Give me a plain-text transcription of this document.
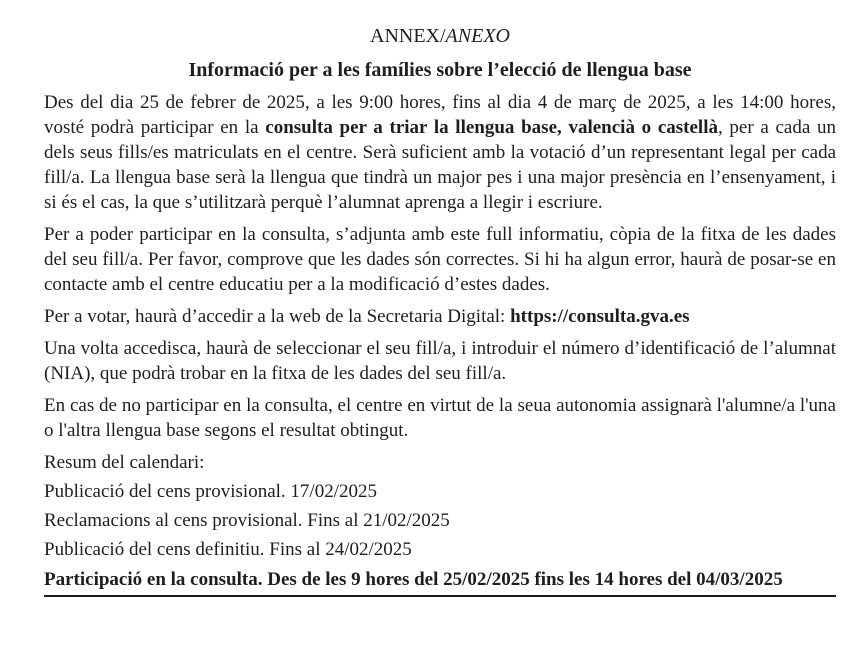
ANNEX/ANEXO
Informació per a les famílies sobre l’elecció de llengua base

Des del dia 25 de febrer de 2025, a les 9:00 hores, fins al dia 4 de març de 2025, a les 14:00 hores, vosté podrà participar en la consulta per a triar la llengua base, valencià o castellà, per a cada un dels seus fills/es matriculats en el centre. Serà suficient amb la votació d’un representant legal per cada fill/a. La llengua base serà la llengua que tindrà un major pes i una major presència en l’ensenyament, i si és el cas, la que s’utilitzarà perquè l’alumnat aprenga a llegir i escriure.

Per a poder participar en la consulta, s’adjunta amb este full informatiu, còpia de la fitxa de les dades del seu fill/a. Per favor, comprove que les dades són correctes. Si hi ha algun error, haurà de posar-se en contacte amb el centre educatiu per a la modificació d’estes dades.

Per a votar, haurà d’accedir a la web de la Secretaria Digital: https://consulta.gva.es

Una volta accedisca, haurà de seleccionar el seu fill/a, i introduir el número d’identificació de l’alumnat (NIA), que podrà trobar en la fitxa de les dades del seu fill/a.

En cas de no participar en la consulta, el centre en virtut de la seua autonomia assignarà l'alumne/a l'una o l'altra llengua base segons el resultat obtingut.

Resum del calendari:

Publicació del cens provisional. 17/02/2025

Reclamacions al cens provisional. Fins al 21/02/2025

Publicació del cens definitiu. Fins al 24/02/2025

Participació en la consulta. Des de les 9 hores del 25/02/2025 fins les 14 hores del 04/03/2025
